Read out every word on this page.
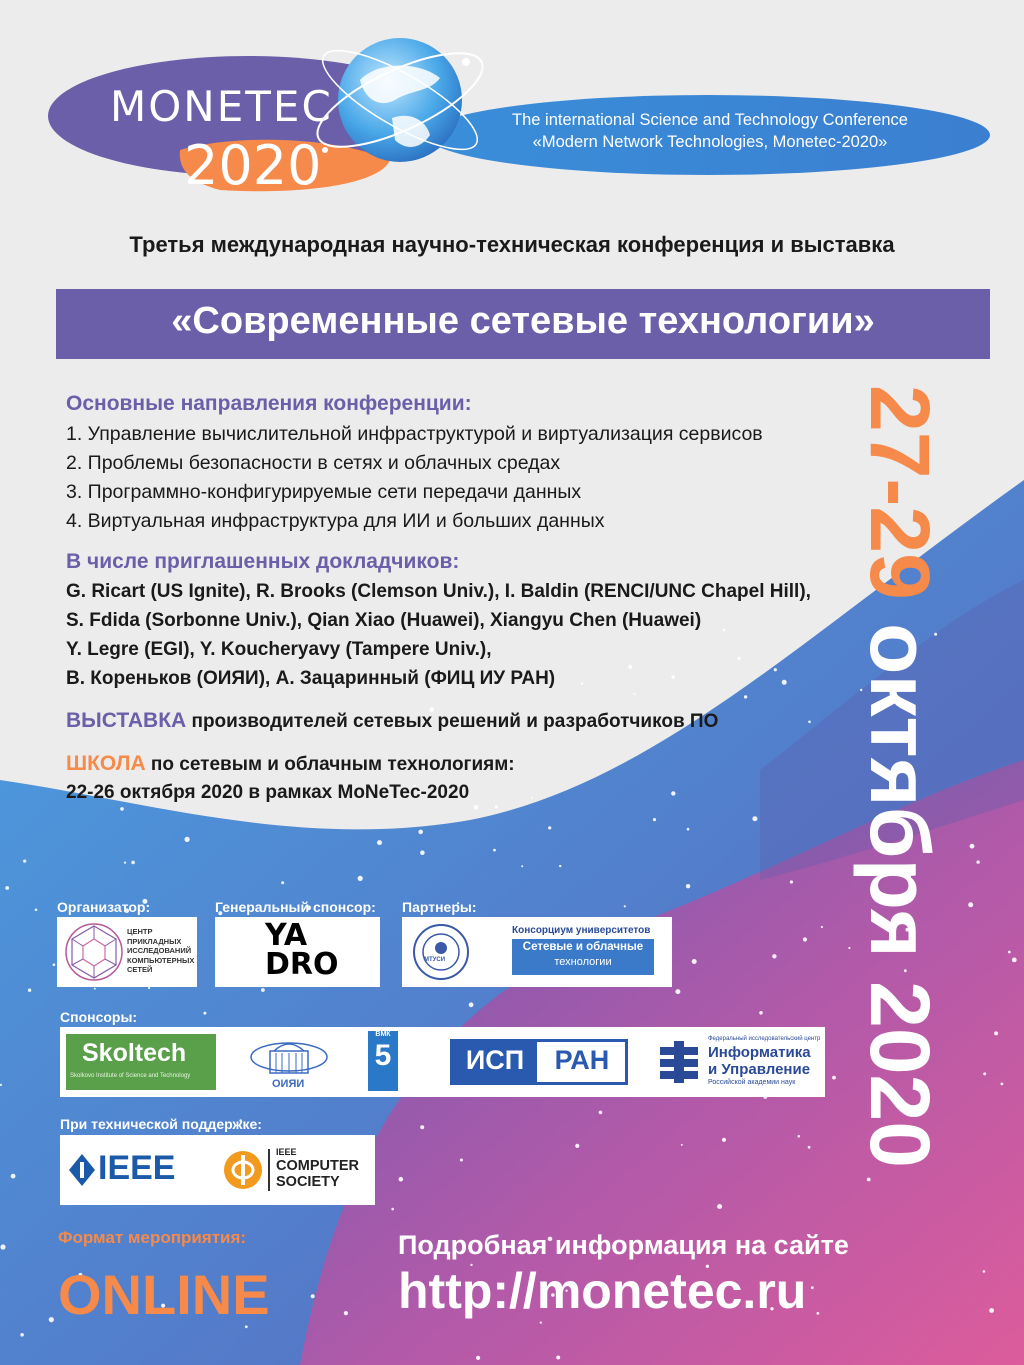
MONETEC
2020
The international Science and Technology Conference
«Modern Network Technologies, Monetec-2020»
Третья международная научно-техническая конференция и выставка
«Современные сетевые технологии»
Основные направления конференции:
1. Управление вычислительной инфраструктурой и виртуализация сервисов
2. Проблемы безопасности в сетях и облачных средах
3. Программно-конфигурируемые сети передачи данных
4. Виртуальная инфраструктура для ИИ и больших данных
В числе приглашенных докладчиков:
G. Ricart (US Ignite), R. Brooks (Clemson Univ.), I. Baldin (RENCI/UNC Chapel Hill),
S. Fdida (Sorbonne Univ.), Qian Xiao (Huawei), Xiangyu Chen (Huawei)
Y. Legre (EGI), Y. Koucheryavy (Tampere Univ.),
В. Кореньков (ОИЯИ), А. Зацаринный (ФИЦ ИУ РАН)
ВЫСТАВКА производителей сетевых решений и разработчиков ПО
ШКОЛА по сетевым и облачным технологиям:
22-26 октября 2020 в рамках MoNeTec-2020
27-29 октября 2020
Организатор:
ЦЕНТР
ПРИКЛАДНЫХ
ИССЛЕДОВАНИЙ
КОМПЬЮТЕРНЫХ
СЕТЕЙ
Генеральный спонсор:
YA
DRO
Партнеры:
МТУСИ
Консорциум университетов
Сетевые и облачные
технологии
Спонсоры:
Skoltech
Skolkovo Institute of Science and Technology
ОИЯИ
ВМК
5	ИСП	РАН
Федеральный исследовательский центр
Информатика
и Управление
Российской академии наук
При технической поддержке:
IEEE	IEEE
COMPUTER
SOCIETY
Формат мероприятия:
ONLINE
Подробная информация на сайте
http://monetec.ru
